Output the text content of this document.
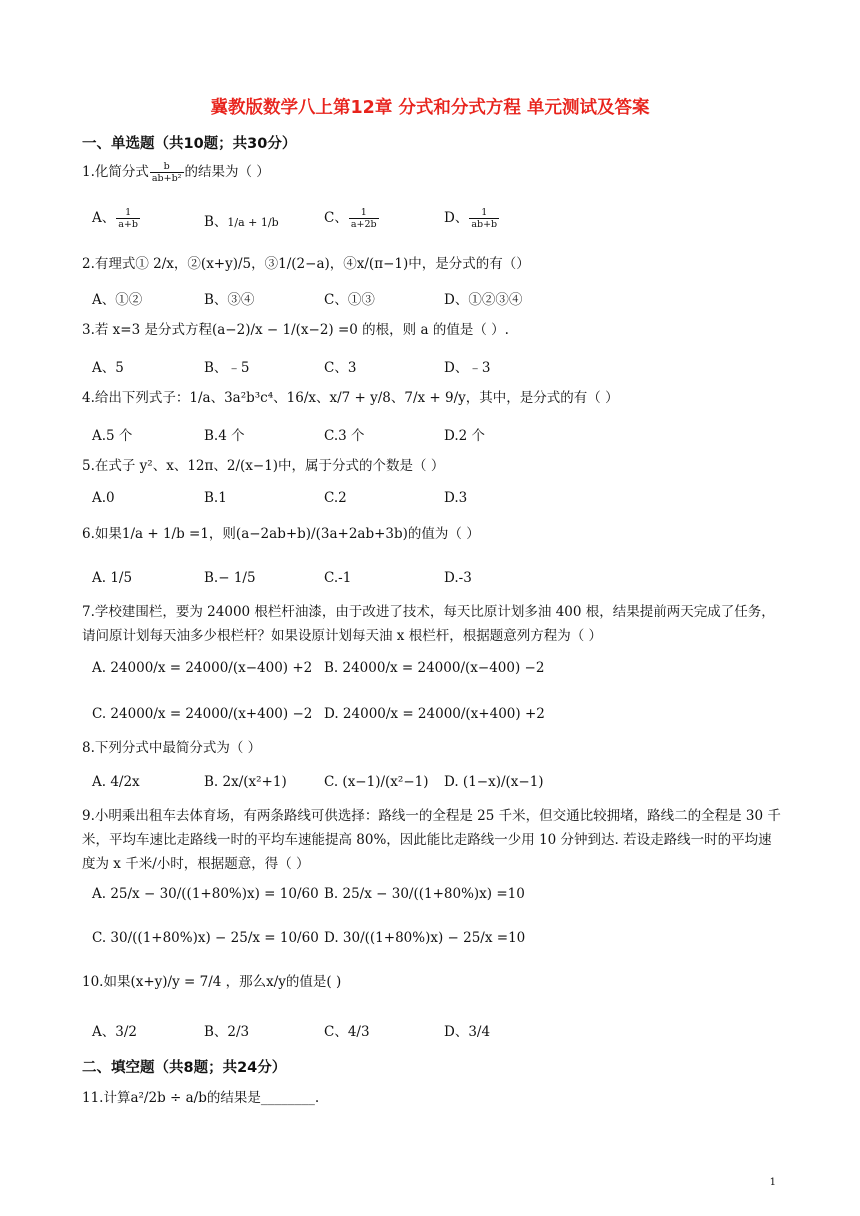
冀教版数学八上第12章 分式和分式方程 单元测试及答案
一、单选题（共10题；共30分）
1.化简分式 $\frac{b}{\text{ab+b²}}$ 的结果为（ ）
A、 $\frac{1}{a+b}$	B、1/a + 1/b	C、 $\frac{1}{a+2b}$	D、 $\frac{1}{ab+b}$
2.有理式① 2/x，②(x+y)/5，③1/(2−a)，④x/(π−1)中，是分式的有（）
A、①②	B、③④	C、①③	D、①②③④
3.若 x=3 是分式方程(a−2)/x − 1/(x−2) =0 的根，则 a 的值是（ ）.
A、5	B、﹣5	C、3	D、﹣3
4.给出下列式子：1/a、3a²b³c⁴、16/x、x/7 + y/8、7/x + 9/y，其中，是分式的有（ ）
A.5 个	B.4 个	C.3 个	D.2 个
5.在式子 y²、x、12π、2/(x−1)中，属于分式的个数是（ ）
A.0	B.1	C.2	D.3
6.如果1/a + 1/b =1，则(a−2ab+b)/(3a+2ab+3b)的值为（ ）
A. 1/5	B.− 1/5	C.-1	D.-3
7.学校建围栏，要为 24000 根栏杆油漆，由于改进了技术，每天比原计划多油 400 根，结果提前两天完成了任务，请问原计划每天油多少根栏杆？如果设原计划每天油 x 根栏杆，根据题意列方程为（ ）
A. 24000/x = 24000/(x−400) +2 B. 24000/x = 24000/(x−400) −2
C. 24000/x = 24000/(x+400) −2 D. 24000/x = 24000/(x+400) +2
8.下列分式中最简分式为（ ）
A. 4/2x	B. 2x/(x²+1)	C. (x−1)/(x²−1) D. (1−x)/(x−1)
9.小明乘出租车去体育场，有两条路线可供选择：路线一的全程是 25 千米，但交通比较拥堵，路线二的全程是 30 千米，平均车速比走路线一时的平均车速能提高 80%，因此能比走路线一少用 10 分钟到达. 若设走路线一时的平均速度为 x 千米/小时，根据题意，得（ ）
A. 25/x − 30/((1+80%)x) = 10/60 B. 25/x − 30/((1+80%)x) =10
C. 30/((1+80%)x) − 25/x = 10/60 D. 30/((1+80%)x) − 25/x =10
10.如果(x+y)/y = 7/4 ，那么x/y的值是( )
A、3/2	B、2/3	C、4/3	D、3/4
二、填空题（共8题；共24分）
11.计算a²/2b ÷ a/b的结果是________.
1
